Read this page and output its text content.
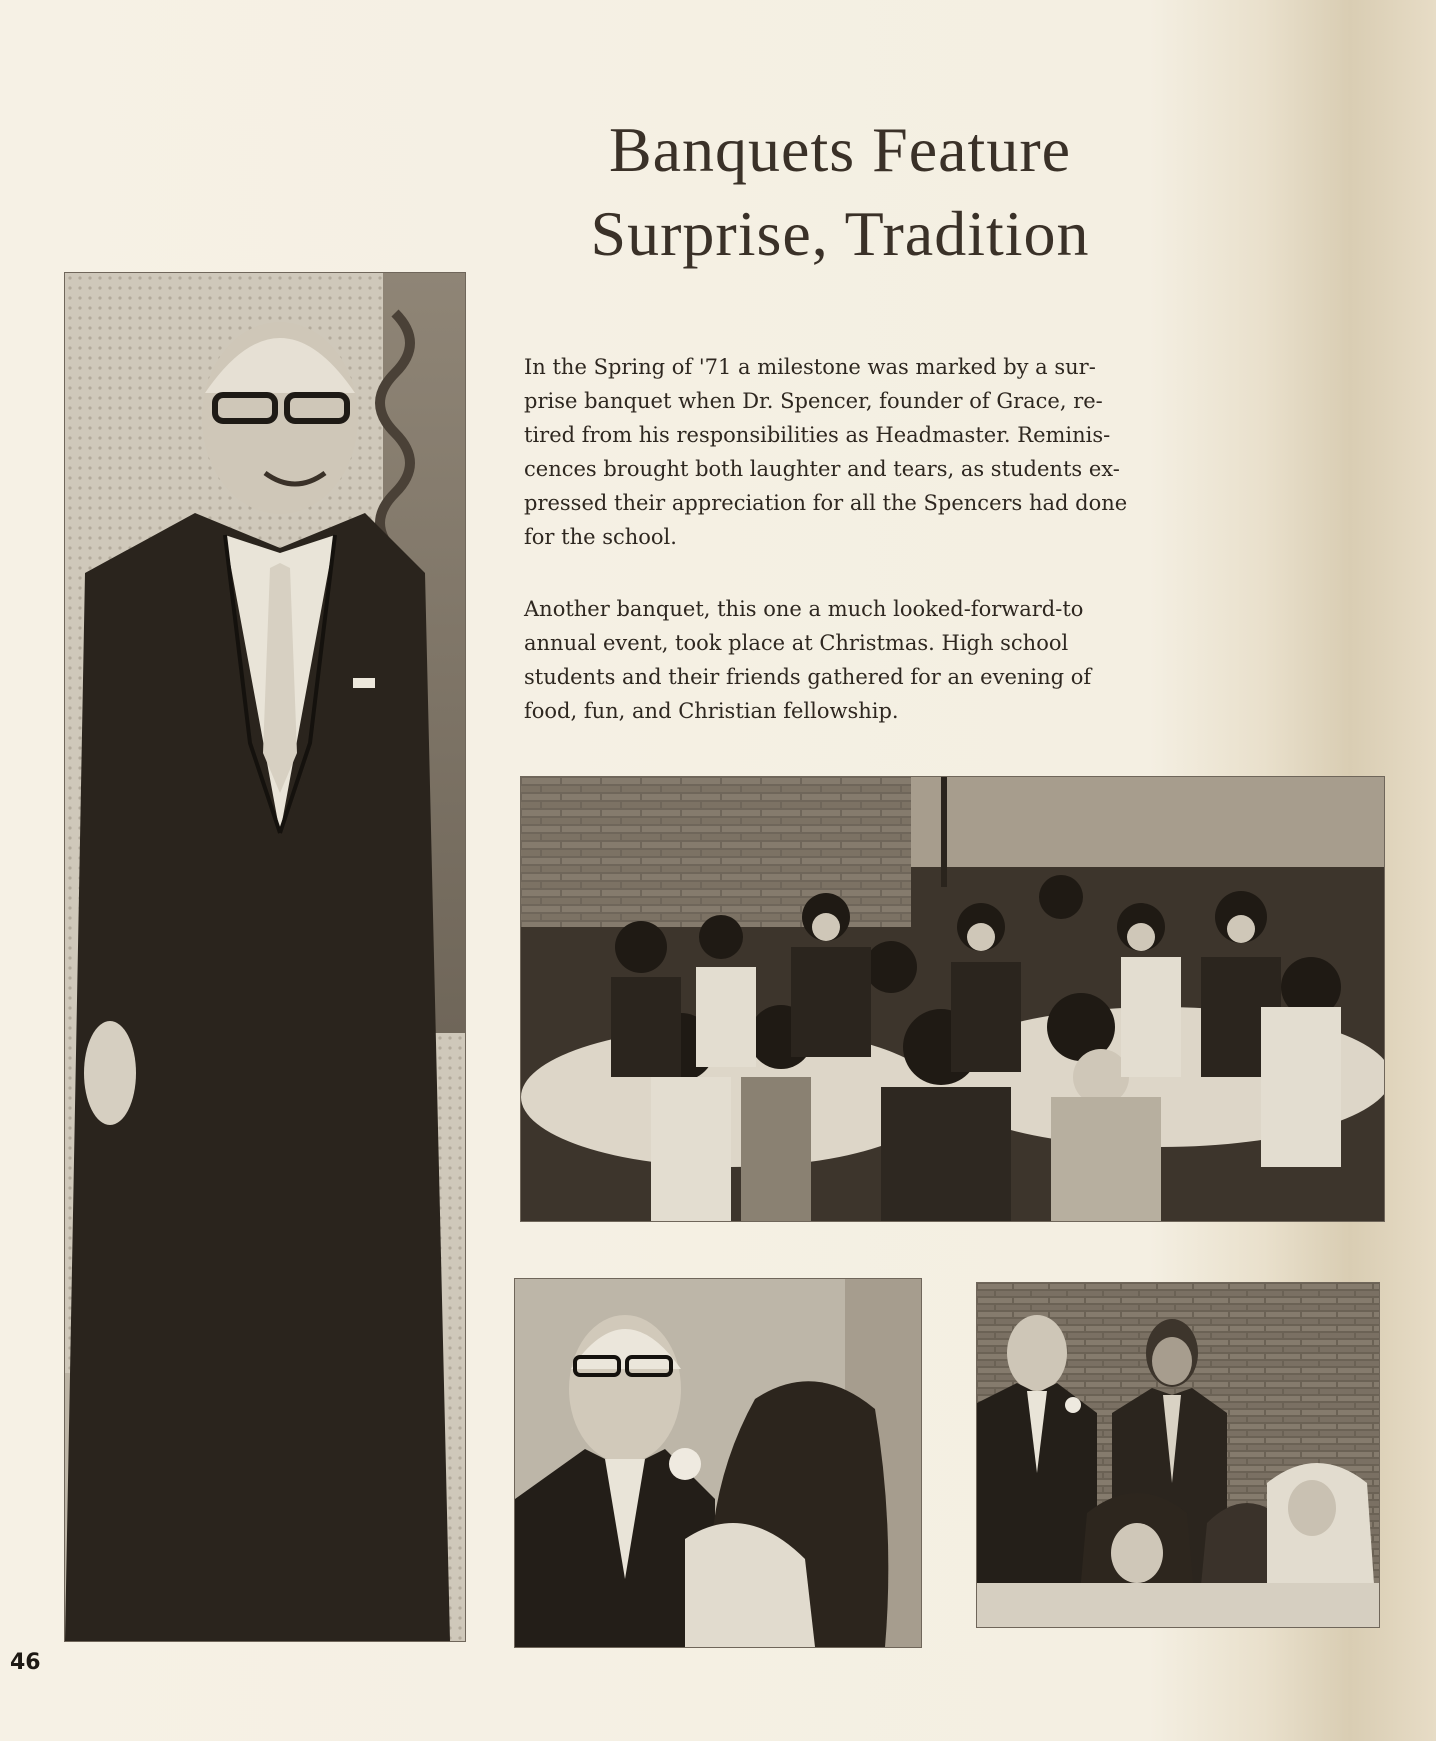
Banquets Feature
Surprise, Tradition

In the Spring of '71 a milestone was marked by a sur-
prise banquet when Dr. Spencer, founder of Grace, re-
tired from his responsibilities as Headmaster. Reminis-
cences brought both laughter and tears, as students ex-
pressed their appreciation for all the Spencers had done
for the school.

Another banquet, this one a much looked-forward-to
annual event, took place at Christmas. High school
students and their friends gathered for an evening of
food, fun, and Christian fellowship.

46
